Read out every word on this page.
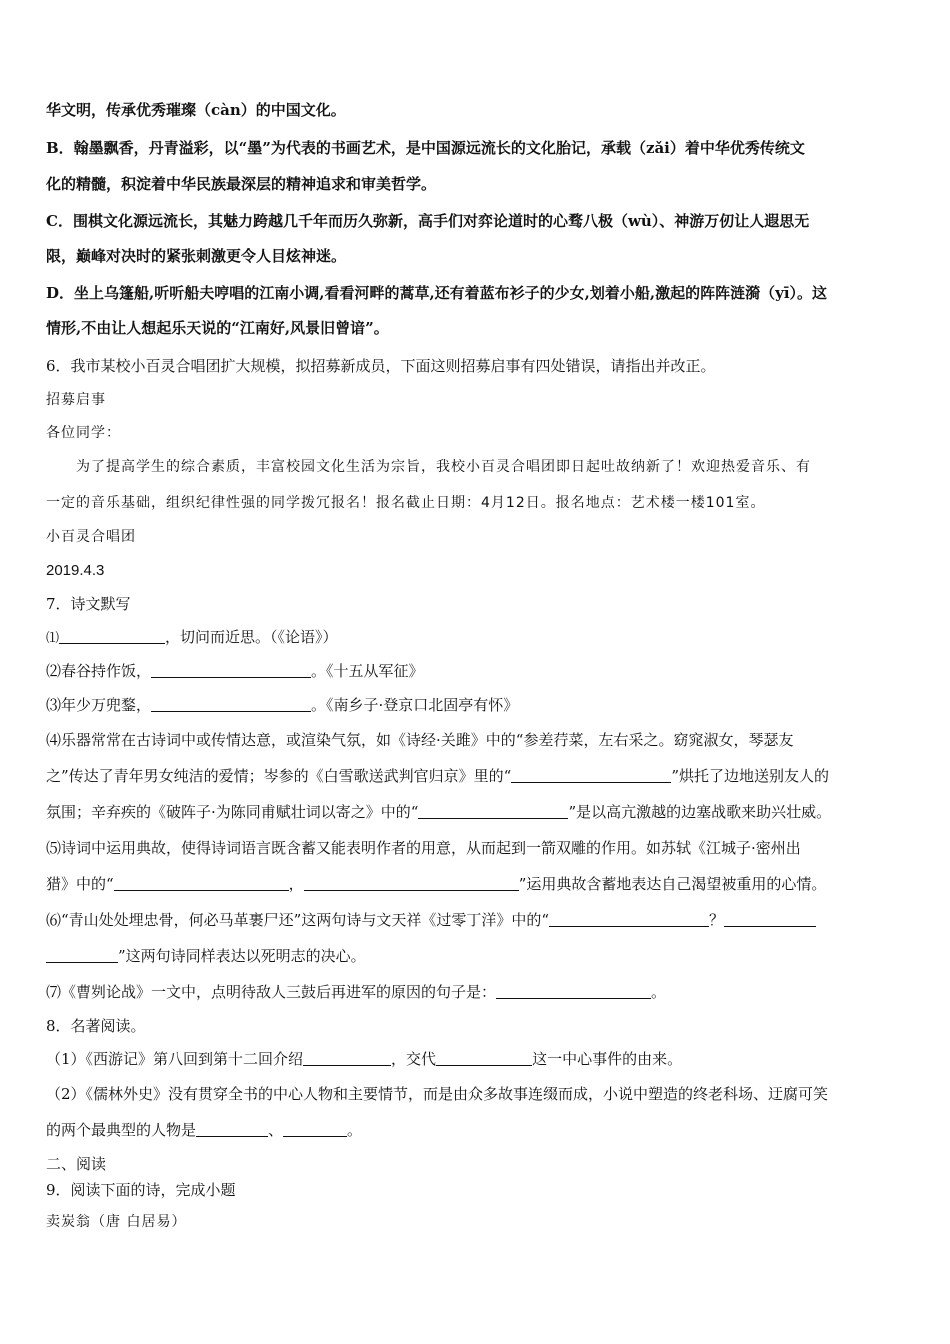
华文明，传承优秀璀璨（càn）的中国文化。
B．翰墨飘香，丹青溢彩，以“墨”为代表的书画艺术，是中国源远流长的文化胎记，承载（zǎi）着中华优秀传统文
化的精髓，积淀着中华民族最深层的精神追求和审美哲学。
C．围棋文化源远流长，其魅力跨越几千年而历久弥新，高手们对弈论道时的心骛八极（wù）、神游万仞让人遐思无
限，巅峰对决时的紧张刺激更令人目炫神迷。
D．坐上乌篷船,听听船夫哼唱的江南小调,看看河畔的蒿草,还有着蓝布衫子的少女,划着小船,激起的阵阵涟漪（yī）。这
情形,不由让人想起乐天说的“江南好,风景旧曾谙”。
6．我市某校小百灵合唱团扩大规模，拟招募新成员，下面这则招募启事有四处错误，请指出并改正。
招募启事
各位同学：
为了提高学生的综合素质，丰富校园文化生活为宗旨，我校小百灵合唱团即日起吐故纳新了！欢迎热爱音乐、有
一定的音乐基础，组织纪律性强的同学拨冗报名！报名截止日期：4月12日。报名地点：艺术楼一楼101室。
小百灵合唱团
2019.4.3
7．诗文默写
⑴	，切问而近思。（《论语》）
⑵春谷持作饭，	。《十五从军征》
⑶年少万兜鍪，	。《南乡子·登京口北固亭有怀》
⑷乐器常常在古诗词中或传情达意，或渲染气氛，如《诗经·关雎》中的“参差荇菜，左右采之。窈窕淑女，琴瑟友
之”传达了青年男女纯洁的爱情；岑参的《白雪歌送武判官归京》里的“	”烘托了边地送别友人的
氛围；辛弃疾的《破阵子·为陈同甫赋壮词以寄之》中的“	”是以高亢激越的边塞战歌来助兴壮威。
⑸诗词中运用典故，使得诗词语言既含蓄又能表明作者的用意，从而起到一箭双雕的作用。如苏轼《江城子·密州出
猎》中的“	，	”运用典故含蓄地表达自己渴望被重用的心情。
⑹“青山处处埋忠骨，何必马革裹尸还”这两句诗与文天祥《过零丁洋》中的“	？
”这两句诗同样表达以死明志的决心。
⑺《曹刿论战》一文中，点明待敌人三鼓后再进军的原因的句子是：	。
8．名著阅读。
（1）《西游记》第八回到第十二回介绍	，交代	这一中心事件的由来。
（2）《儒林外史》没有贯穿全书的中心人物和主要情节，而是由众多故事连缀而成，小说中塑造的终老科场、迂腐可笑
的两个最典型的人物是	、	。
二、阅读
9．阅读下面的诗，完成小题
卖炭翁（唐 白居易）
